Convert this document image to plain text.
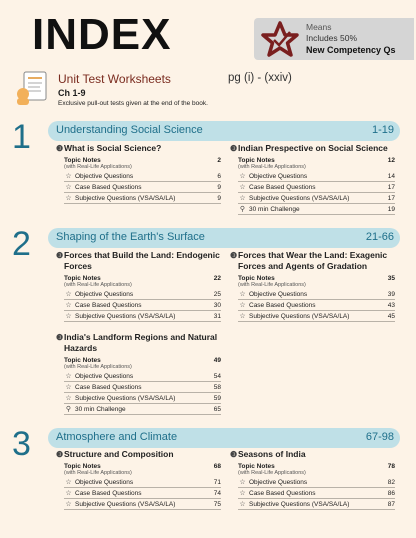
INDEX	Means
Includes 50%
New Competency Qs
Unit Test Worksheets	pg (i) - (xxiv)
Ch 1-9
Exclusive pull-out tests given at the end of the book.
1 Understanding Social Science	1-19
❸ What is Social Science?
Topic Notes	2
(with Real-Life Applications)
☆ Objective Questions	6
☆ Case Based Questions	9
☆ Subjective Questions (VSA/SA/LA)	9
❸ Indian Prespective on Social Science
Topic Notes	12
(with Real-Life Applications)
☆ Objective Questions	14
☆ Case Based Questions	17
☆ Subjective Questions (VSA/SA/LA)	17
⚲ 30 min Challenge	19
2 Shaping of the Earth's Surface	21-66
❸ Forces that Build the Land: Endogenic Forces
Topic Notes	22
(with Real-Life Applications)
☆ Objective Questions	25
☆ Case Based Questions	30
☆ Subjective Questions (VSA/SA/LA)	31
❸ Forces that Wear the Land: Exagenic Forces and Agents of Gradation
Topic Notes	35
(with Real-Life Applications)
☆ Objective Questions	39
☆ Case Based Questions	43
☆ Subjective Questions (VSA/SA/LA)	45
❸ India's Landform Regions and Natural Hazards
Topic Notes	49
(with Real-Life Applications)
☆ Objective Questions	54
☆ Case Based Questions	58
☆ Subjective Questions (VSA/SA/LA)	59
⚲ 30 min Challenge	65
3 Atmosphere and Climate	67-98
❸ Structure and Composition
Topic Notes	68
(with Real-Life Applications)
☆ Objective Questions	71
☆ Case Based Questions	74
☆ Subjective Questions (VSA/SA/LA)	75
❸ Seasons of India
Topic Notes	78
(with Real-Life Applications)
☆ Objective Questions	82
☆ Case Based Questions	86
☆ Subjective Questions (VSA/SA/LA)	87
